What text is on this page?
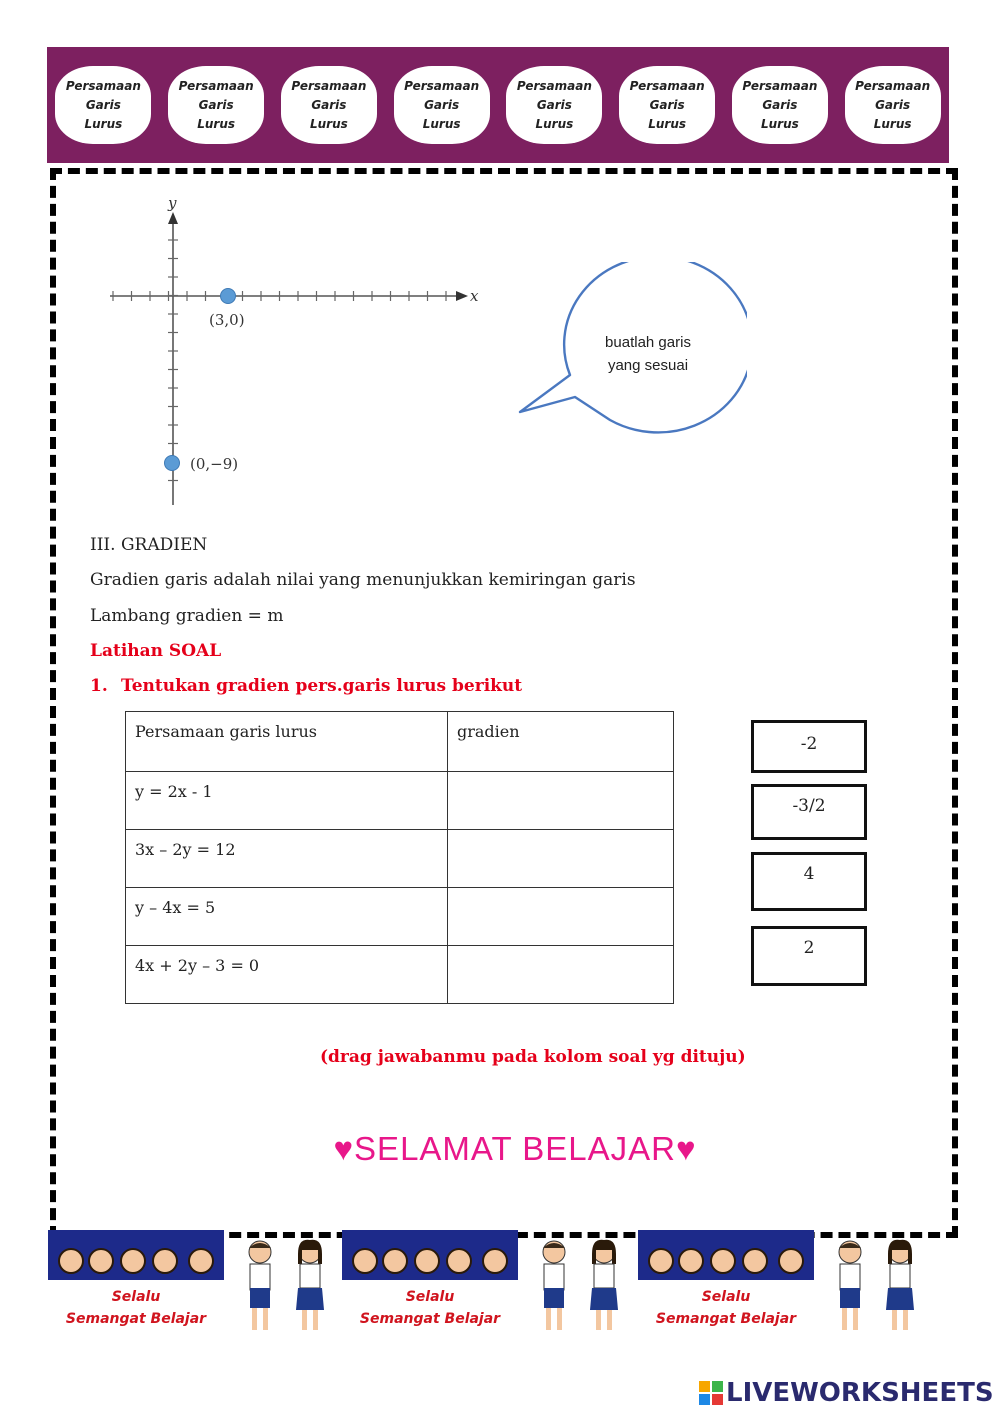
Persamaan
Garis
Lurus
Persamaan
Garis
Lurus
Persamaan
Garis
Lurus
Persamaan
Garis
Lurus
Persamaan
Garis
Lurus
Persamaan
Garis
Lurus
Persamaan
Garis
Lurus
Persamaan
Garis
Lurus
y
x
(3,0)
(0,−9)
buatlah garis
yang sesuai
III. GRADIEN
Gradien garis adalah nilai yang menunjukkan kemiringan garis
Lambang gradien = m
Latihan SOAL
1. Tentukan gradien pers.garis lurus berikut
Persamaan garis lurus	gradien
y = 2x - 1	
3x – 2y = 12	
y – 4x = 5	
4x + 2y – 3 = 0	
-2
-3/2
4
2
(drag jawabanmu pada kolom soal yg dituju)
♥SELAMAT BELAJAR♥
Selalu
Semangat Belajar
Selalu
Semangat Belajar
Selalu
Semangat Belajar
LIVEWORKSHEETS
